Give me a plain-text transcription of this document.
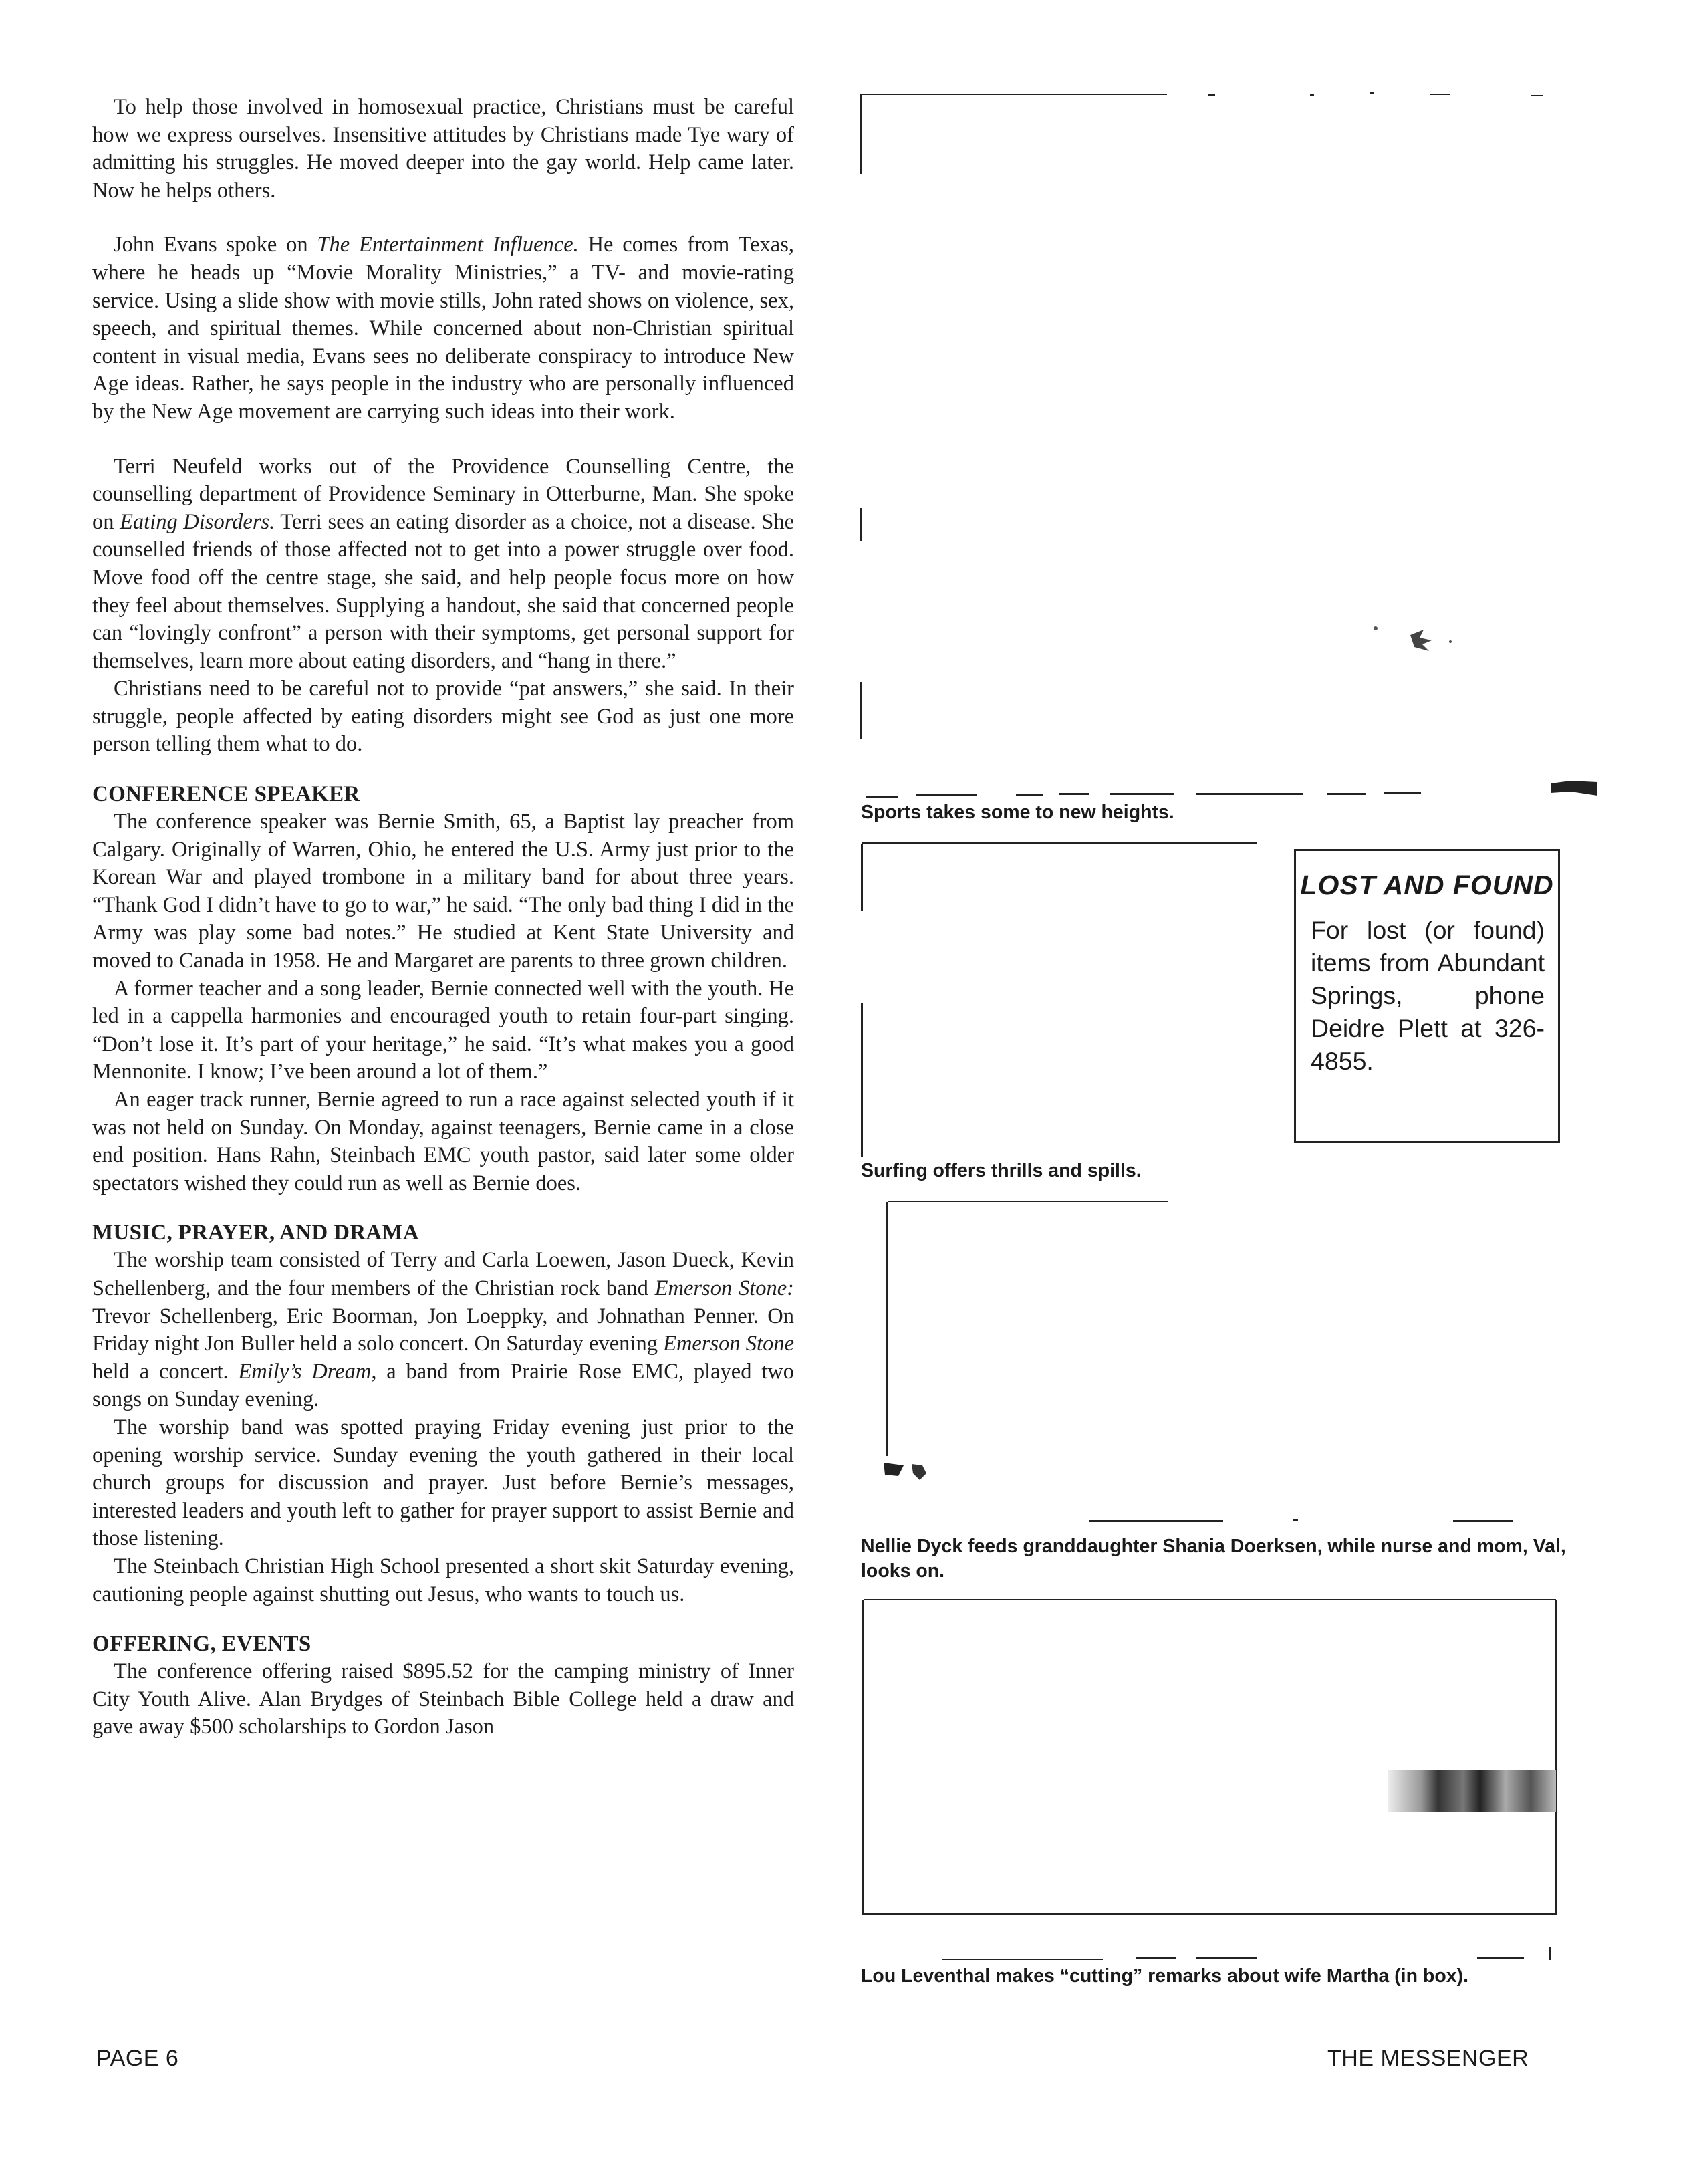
To help those involved in homosexual practice, Christians must be careful how we express ourselves. Insensitive attitudes by Christians made Tye wary of admitting his struggles. He moved deeper into the gay world. Help came later. Now he helps others.

John Evans spoke on The Entertainment Influence. He comes from Texas, where he heads up “Movie Morality Ministries,” a TV- and movie-rating service. Using a slide show with movie stills, John rated shows on violence, sex, speech, and spiritual themes. While concerned about non-Christian spiritual content in visual media, Evans sees no deliberate conspiracy to introduce New Age ideas. Rather, he says people in the industry who are personally influenced by the New Age movement are carrying such ideas into their work.

Terri Neufeld works out of the Providence Counselling Centre, the counselling department of Providence Seminary in Otterburne, Man. She spoke on Eating Disorders. Terri sees an eating disorder as a choice, not a disease. She counselled friends of those affected not to get into a power struggle over food. Move food off the centre stage, she said, and help people focus more on how they feel about themselves. Supplying a handout, she said that concerned people can “lovingly confront” a person with their symptoms, get personal support for themselves, learn more about eating disorders, and “hang in there.”

Christians need to be careful not to provide “pat answers,” she said. In their struggle, people affected by eating disorders might see God as just one more person telling them what to do.

CONFERENCE SPEAKER

The conference speaker was Bernie Smith, 65, a Baptist lay preacher from Calgary. Originally of Warren, Ohio, he entered the U.S. Army just prior to the Korean War and played trombone in a military band for about three years. “Thank God I didn’t have to go to war,” he said. “The only bad thing I did in the Army was play some bad notes.” He studied at Kent State University and moved to Canada in 1958. He and Margaret are parents to three grown children.

A former teacher and a song leader, Bernie connected well with the youth. He led in a cappella harmonies and encouraged youth to retain four-part singing. “Don’t lose it. It’s part of your heritage,” he said. “It’s what makes you a good Mennonite. I know; I’ve been around a lot of them.”

An eager track runner, Bernie agreed to run a race against selected youth if it was not held on Sunday. On Monday, against teenagers, Bernie came in a close end position. Hans Rahn, Steinbach EMC youth pastor, said later some older spectators wished they could run as well as Bernie does.

MUSIC, PRAYER, AND DRAMA

The worship team consisted of Terry and Carla Loewen, Jason Dueck, Kevin Schellenberg, and the four members of the Christian rock band Emerson Stone: Trevor Schellenberg, Eric Boorman, Jon Loeppky, and Johnathan Penner. On Friday night Jon Buller held a solo concert. On Saturday evening Emerson Stone held a concert. Emily’s Dream, a band from Prairie Rose EMC, played two songs on Sunday evening.

The worship band was spotted praying Friday evening just prior to the opening worship service. Sunday evening the youth gathered in their local church groups for discussion and prayer. Just before Bernie’s messages, interested leaders and youth left to gather for prayer support to assist Bernie and those listening.

The Steinbach Christian High School presented a short skit Saturday evening, cautioning people against shutting out Jesus, who wants to touch us.

OFFERING, EVENTS

The conference offering raised $895.52 for the camping ministry of Inner City Youth Alive. Alan Brydges of Steinbach Bible College held a draw and gave away $500 scholarships to Gordon Jason

Sports takes some to new heights.
Surfing offers thrills and spills.
LOST AND FOUND
For lost (or found) items from Abundant Springs, phone Deidre Plett at 326-4855.
Nellie Dyck feeds granddaughter Shania Doerksen, while nurse and mom, Val, looks on.
Lou Leventhal makes “cutting” remarks about wife Martha (in box).
PAGE 6	THE MESSENGER
